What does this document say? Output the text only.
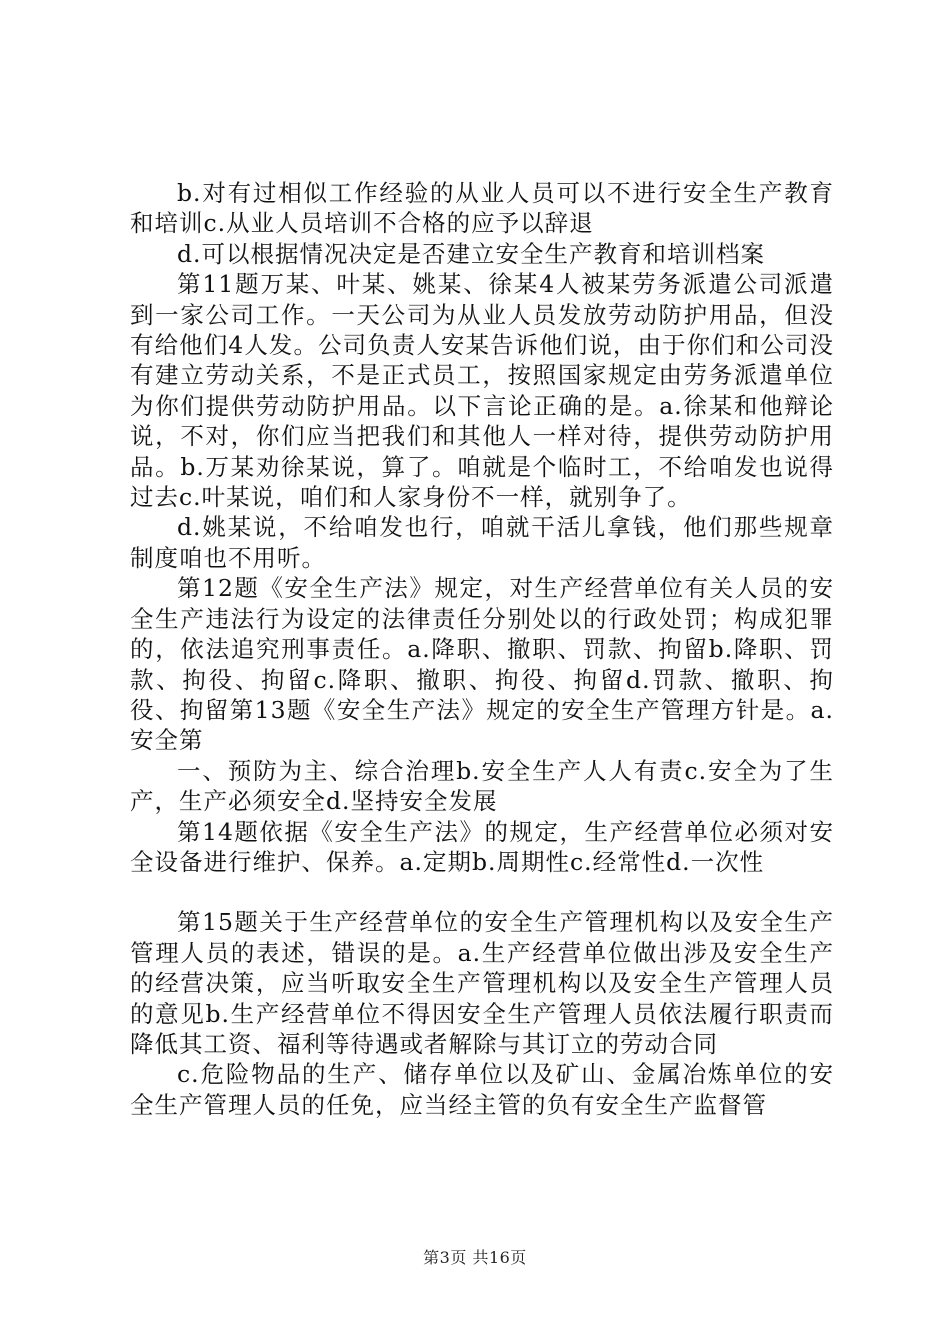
b.对有过相似工作经验的从业人员可以不进行安全生产教育和培训c.从业人员培训不合格的应予以辞退

d.可以根据情况决定是否建立安全生产教育和培训档案

第11题万某、叶某、姚某、徐某4人被某劳务派遣公司派遣到一家公司工作。一天公司为从业人员发放劳动防护用品，但没有给他们4人发。公司负责人安某告诉他们说，由于你们和公司没有建立劳动关系，不是正式员工，按照国家规定由劳务派遣单位为你们提供劳动防护用品。以下言论正确的是。a.徐某和他辩论说，不对，你们应当把我们和其他人一样对待，提供劳动防护用品。b.万某劝徐某说，算了。咱就是个临时工，不给咱发也说得过去c.叶某说，咱们和人家身份不一样，就别争了。

d.姚某说，不给咱发也行，咱就干活儿拿钱，他们那些规章制度咱也不用听。

第12题《安全生产法》规定，对生产经营单位有关人员的安全生产违法行为设定的法律责任分别处以的行政处罚；构成犯罪的，依法追究刑事责任。a.降职、撤职、罚款、拘留b.降职、罚款、拘役、拘留c.降职、撤职、拘役、拘留d.罚款、撤职、拘役、拘留第13题《安全生产法》规定的安全生产管理方针是。a.安全第

一、预防为主、综合治理b.安全生产人人有责c.安全为了生产，生产必须安全d.坚持安全发展

第14题依据《安全生产法》的规定，生产经营单位必须对安全设备进行维护、保养。a.定期b.周期性c.经常性d.一次性

第15题关于生产经营单位的安全生产管理机构以及安全生产管理人员的表述，错误的是。a.生产经营单位做出涉及安全生产的经营决策，应当听取安全生产管理机构以及安全生产管理人员的意见b.生产经营单位不得因安全生产管理人员依法履行职责而降低其工资、福利等待遇或者解除与其订立的劳动合同

c.危险物品的生产、储存单位以及矿山、金属冶炼单位的安全生产管理人员的任免，应当经主管的负有安全生产监督管

第3页 共16页
